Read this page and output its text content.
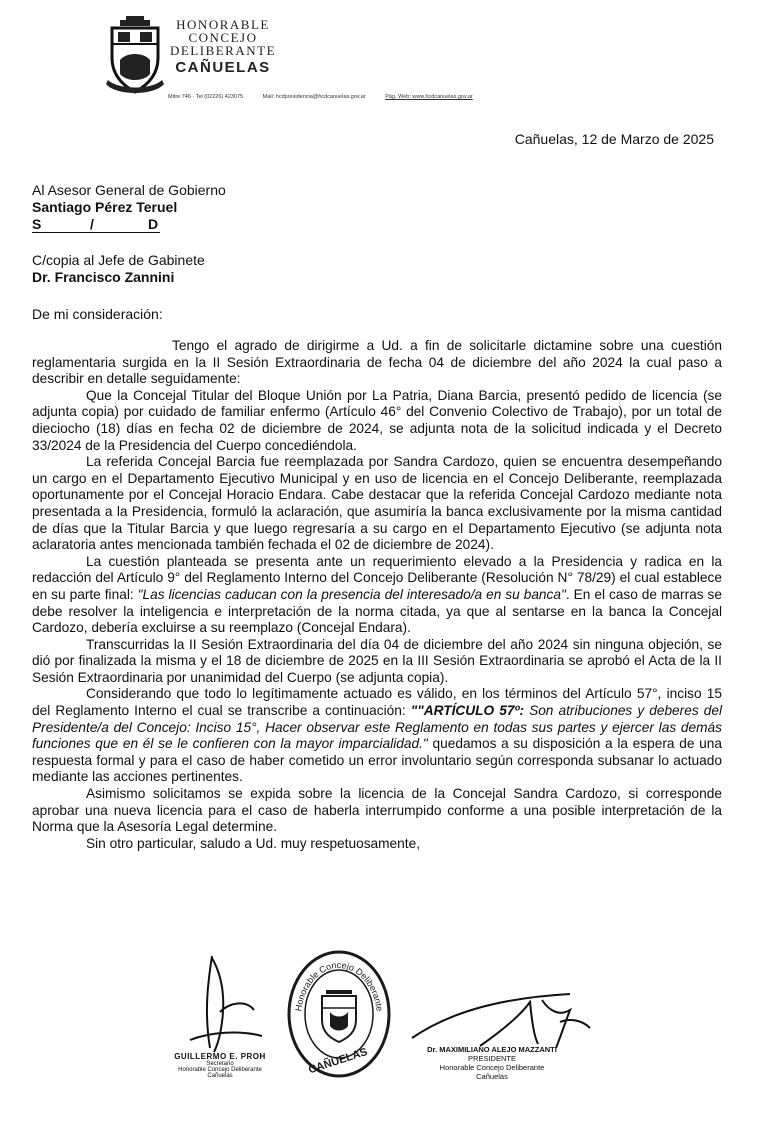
HONORABLE
CONCEJO
DELIBERANTE
CAÑUELAS
Mitre 746 · Tel (02226) 423075	Mail: hcdpresidencia@hcdcanuelas.gov.ar	Pág. Web: www.hcdcanuelas.gov.ar
Cañuelas, 12 de Marzo de 2025
Al Asesor General de Gobierno
Santiago Pérez Teruel
S	/	D

C/copia al Jefe de Gabinete
Dr. Francisco Zannini
De mi consideración:

Tengo el agrado de dirigirme a Ud. a fin de solicitarle dictamine sobre una cuestión reglamentaria surgida en la II Sesión Extraordinaria de fecha 04 de diciembre del año 2024 la cual paso a describir en detalle seguidamente:

Que la Concejal Titular del Bloque Unión por La Patria, Diana Barcia, presentó pedido de licencia (se adjunta copia) por cuidado de familiar enfermo (Artículo 46° del Convenio Colectivo de Trabajo), por un total de dieciocho (18) días en fecha 02 de diciembre de 2024, se adjunta nota de la solicitud indicada y el Decreto 33/2024 de la Presidencia del Cuerpo concediéndola.

La referida Concejal Barcia fue reemplazada por Sandra Cardozo, quien se encuentra desempeñando un cargo en el Departamento Ejecutivo Municipal y en uso de licencia en el Concejo Deliberante, reemplazada oportunamente por el Concejal Horacio Endara. Cabe destacar que la referida Concejal Cardozo mediante nota presentada a la Presidencia, formuló la aclaración, que asumiría la banca exclusivamente por la misma cantidad de días que la Titular Barcia y que luego regresaría a su cargo en el Departamento Ejecutivo (se adjunta nota aclaratoria antes mencionada también fechada el 02 de diciembre de 2024).

La cuestión planteada se presenta ante un requerimiento elevado a la Presidencia y radica en la redacción del Artículo 9° del Reglamento Interno del Concejo Deliberante (Resolución N° 78/29) el cual establece en su parte final: "Las licencias caducan con la presencia del interesado/a en su banca". En el caso de marras se debe resolver la inteligencia e interpretación de la norma citada, ya que al sentarse en la banca la Concejal Cardozo, debería excluirse a su reemplazo (Concejal Endara).

Transcurridas la II Sesión Extraordinaria del día 04 de diciembre del año 2024 sin ninguna objeción, se dió por finalizada la misma y el 18 de diciembre de 2025 en la III Sesión Extraordinaria se aprobó el Acta de la II Sesión Extraordinaria por unanimidad del Cuerpo (se adjunta copia).

Considerando que todo lo legítimamente actuado es válido, en los términos del Artículo 57°, inciso 15 del Reglamento Interno el cual se transcribe a continuación: ""ARTÍCULO 57º: Son atribuciones y deberes del Presidente/a del Concejo: Inciso 15°, Hacer observar este Reglamento en todas sus partes y ejercer las demás funciones que en él se le confieren con la mayor imparcialidad." quedamos a su disposición a la espera de una respuesta formal y para el caso de haber cometido un error involuntario según corresponda subsanar lo actuado mediante las acciones pertinentes.

Asimismo solicitamos se expida sobre la licencia de la Concejal Sandra Cardozo, si corresponde aprobar una nueva licencia para el caso de haberla interrumpido conforme a una posible interpretación de la Norma que la Asesoría Legal determine.

Sin otro particular, saludo a Ud. muy respetuosamente,

GUILLERMO E. PROH
Secretario
Honorable Concejo Deliberante
Cañuelas
Honorable Concejo Deliberante
CAÑUELAS	Dr. MAXIMILIANO ALEJO MAZZANTI
PRESIDENTE
Honorable Concejo Deliberante
Cañuelas
